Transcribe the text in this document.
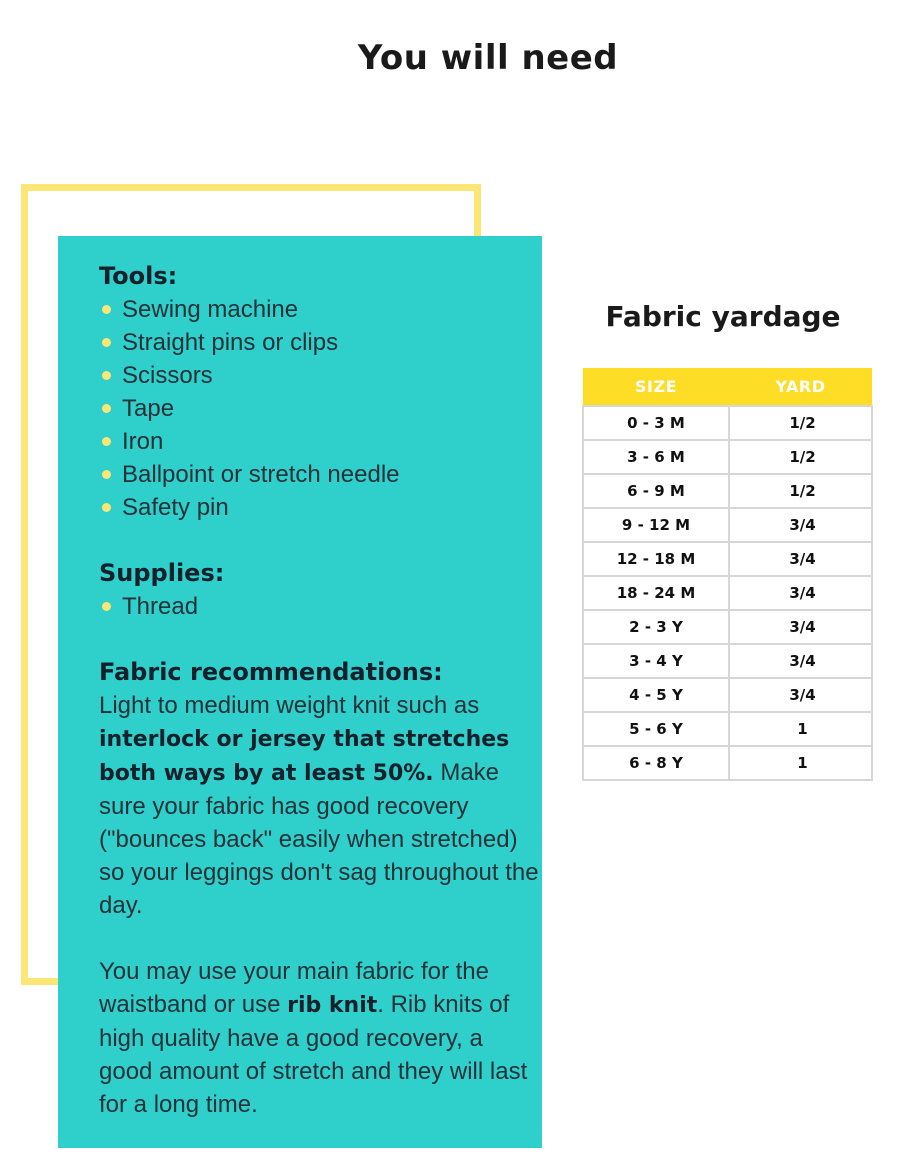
You will need
Tools:
Sewing machine
Straight pins or clips
Scissors
Tape
Iron
Ballpoint or stretch needle
Safety pin
Supplies:
Thread
Fabric recommendations:

Light to medium weight knit such as interlock or jersey that stretches both ways by at least 50%. Make sure your fabric has good recovery ("bounces back" easily when stretched) so your leggings don't sag throughout the day.

You may use your main fabric for the waistband or use rib knit. Rib knits of high quality have a good recovery, a good amount of stretch and they will last for a long time.

Fabric yardage
SIZE	YARD
0 - 3 M	1/2
3 - 6 M	1/2
6 - 9 M	1/2
9 - 12 M	3/4
12 - 18 M	3/4
18 - 24 M	3/4
2 - 3 Y	3/4
3 - 4 Y	3/4
4 - 5 Y	3/4
5 - 6 Y	1
6 - 8 Y	1
